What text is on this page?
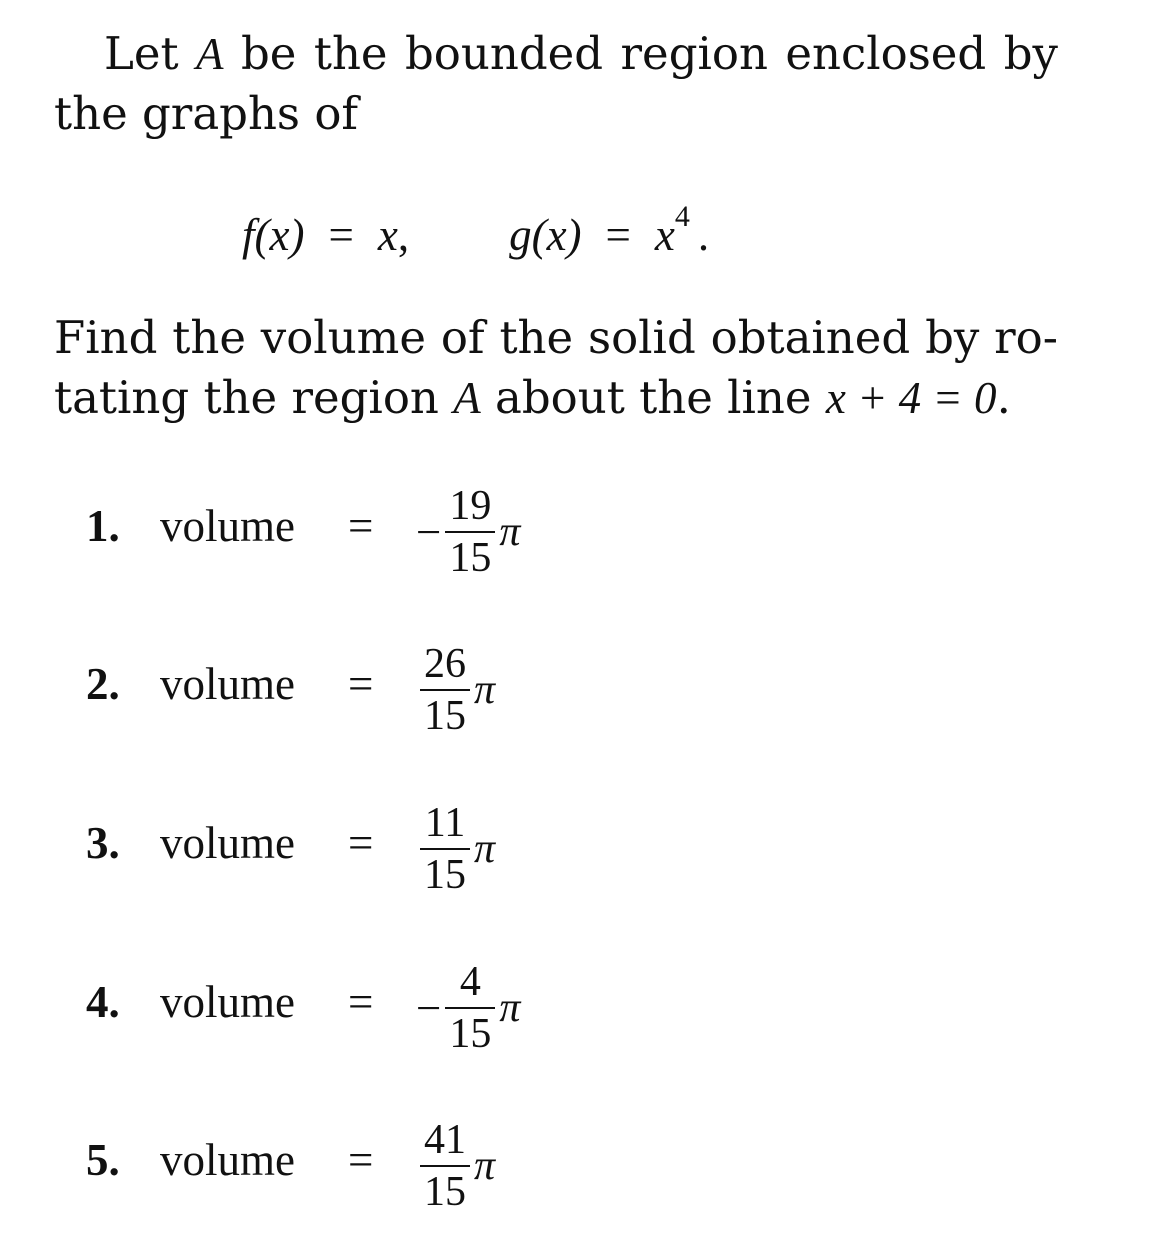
Let A be the bounded region enclosed by
the graphs of
f(x) = x, $g(x) = x^4$ .
Find the volume of the solid obtained by ro-
tating the region A about the line x + 4 = 0.
1. volume = − $\frac{19}{15}$ π
2. volume = $\frac{26}{15}$ π
3. volume = $\frac{11}{15}$ π
4. volume = − $\frac{4}{15}$ π
5. volume = $\frac{41}{15}$ π
